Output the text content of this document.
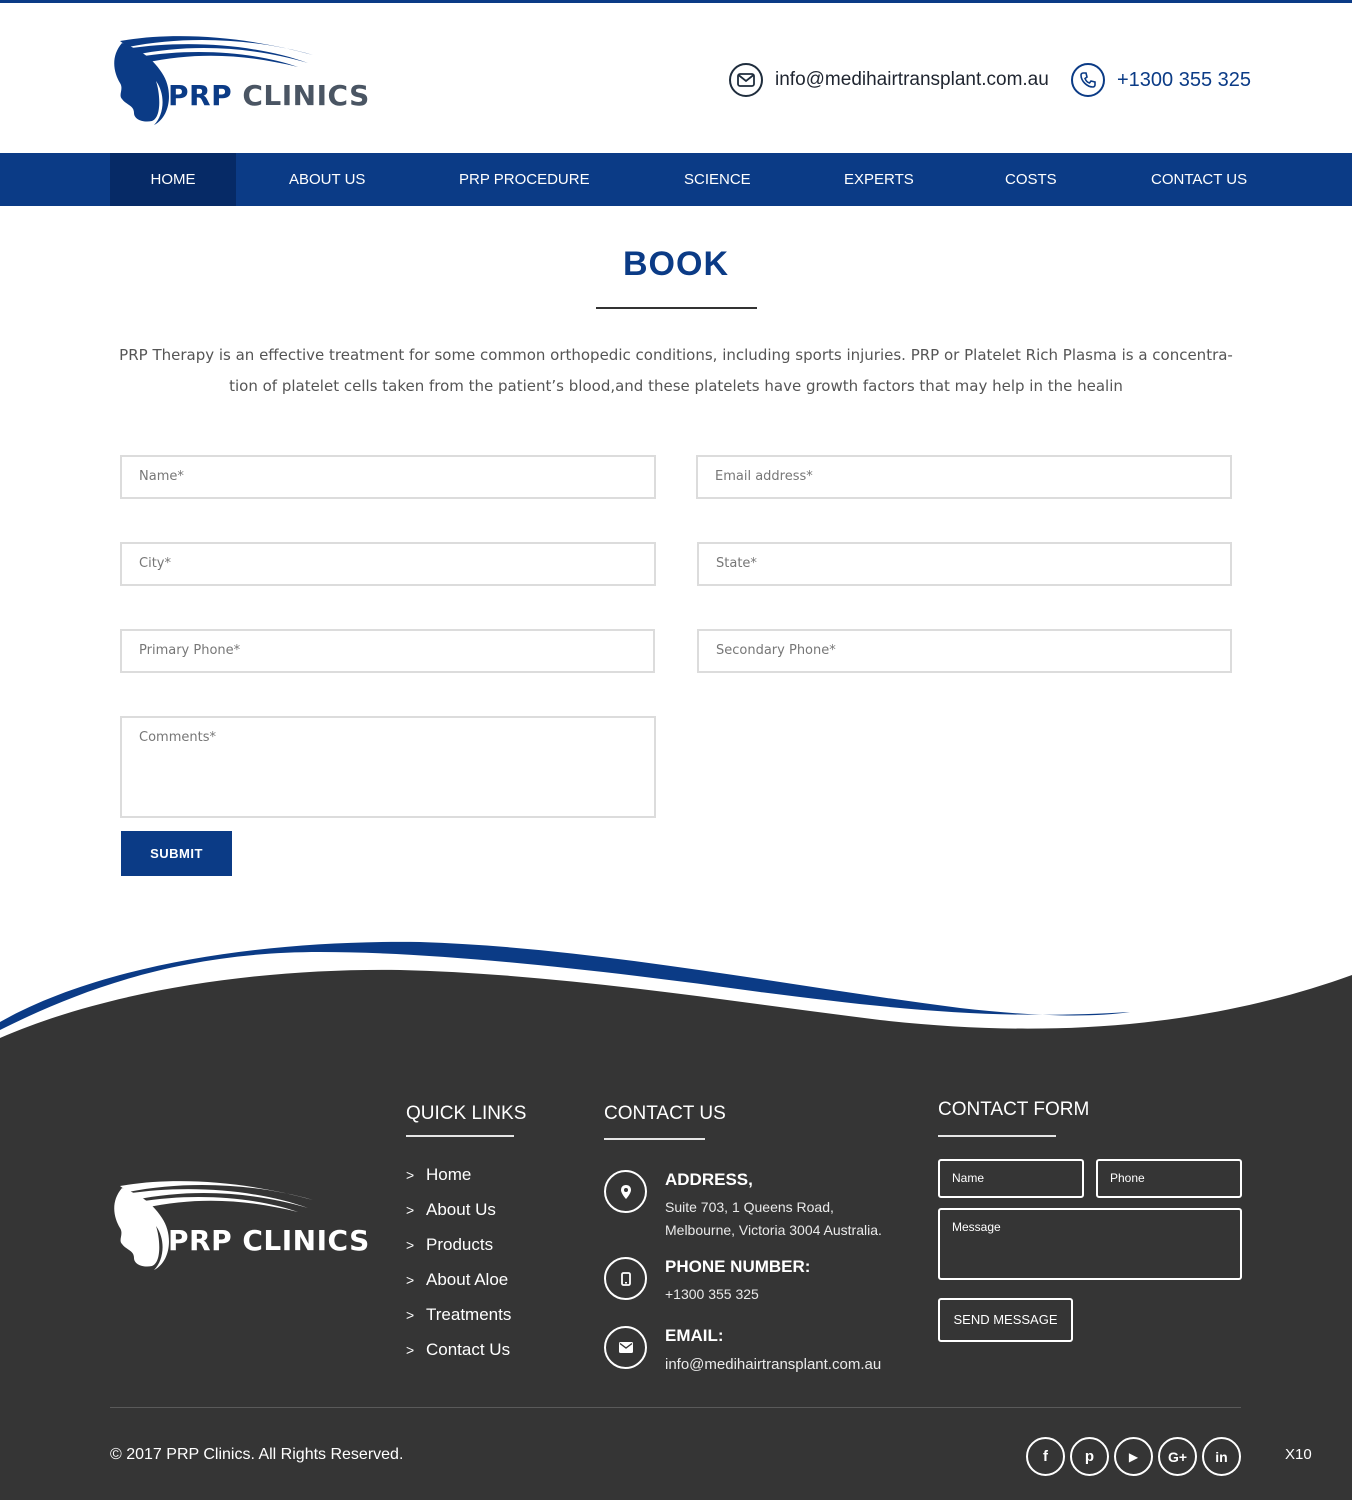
PRP CLINICS	info@medihairtransplant.com.au	+1300 355 325
HOME	ABOUT US	PRP PROCEDURE	SCIENCE	EXPERTS	COSTS	CONTACT US
BOOK
PRP Therapy is an effective treatment for some common orthopedic conditions, including sports injuries. PRP or Platelet Rich Plasma is a concentra- tion of platelet cells taken from the patient’s blood,and these platelets have growth factors that may help in the healin
Name*	Email address*
City*	State*
Primary Phone*	Secondary Phone*
Comments*
SUBMIT
PRP CLINICS
QUICK LINKS
> Home
> About Us
> Products
> About Aloe
> Treatments
> Contact Us
CONTACT US
ADDRESS,
Suite 703, 1 Queens Road,
Melbourne, Victoria 3004 Australia.
PHONE NUMBER:
+1300 355 325
EMAIL:
info@medihairtransplant.com.au
CONTACT FORM
Name	Phone
Message
SEND MESSAGE
© 2017 PRP Clinics. All Rights Reserved.	f	p	▶	G+	in	X10
